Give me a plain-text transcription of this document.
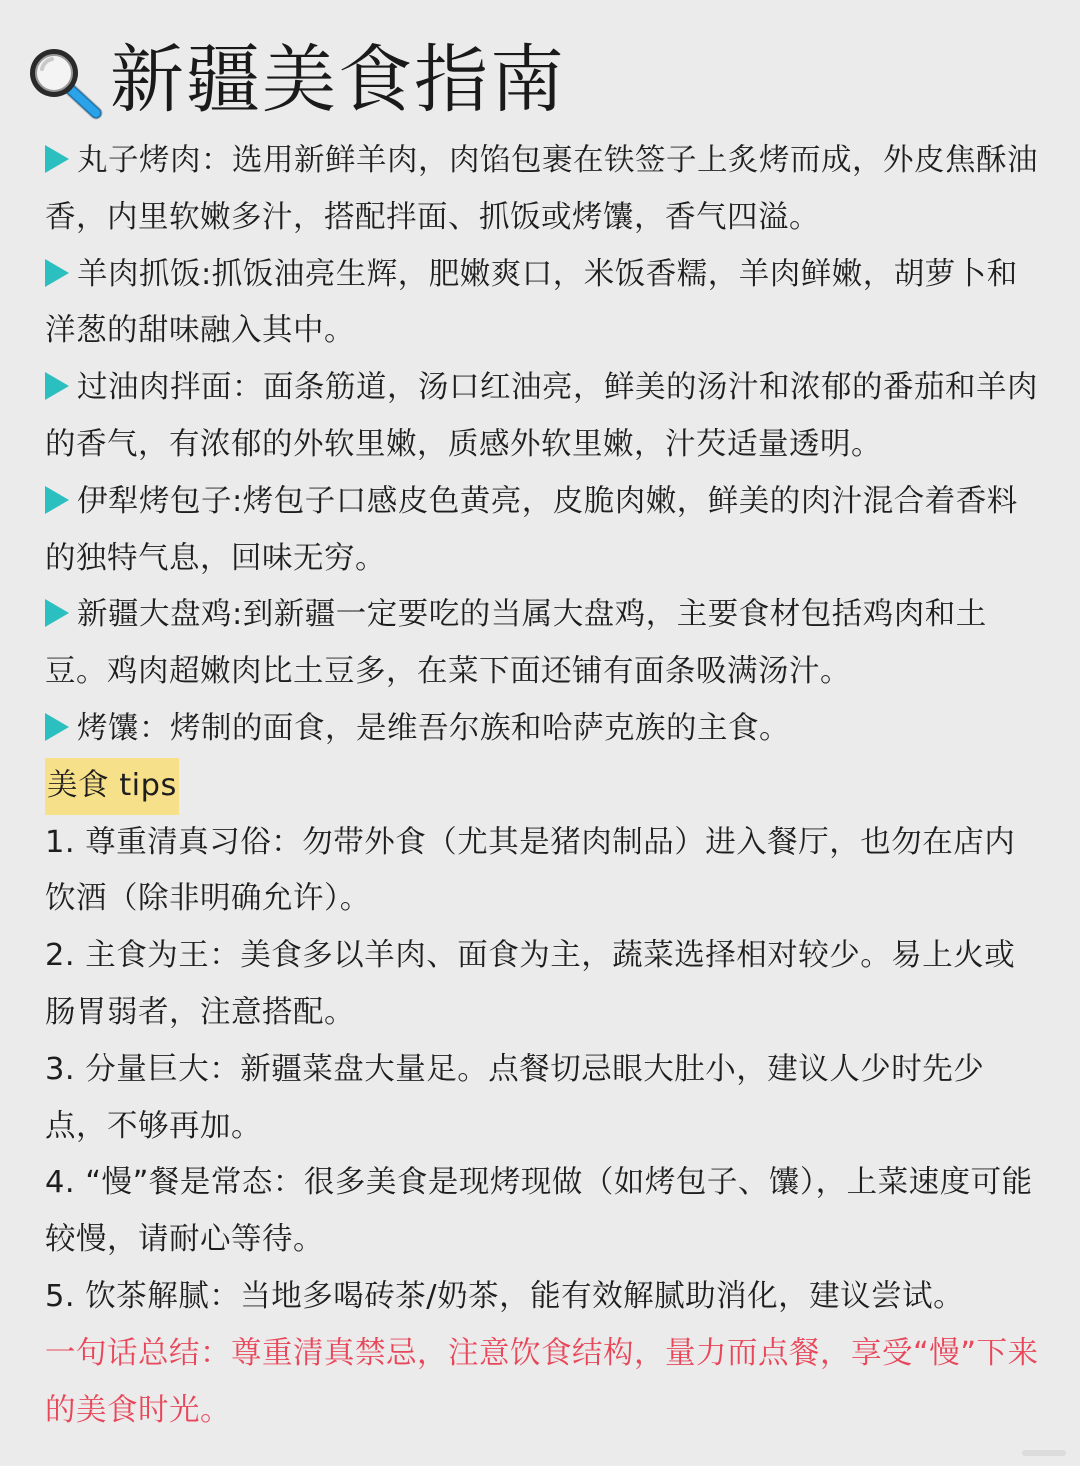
新疆美食指南

丸子烤肉：选用新鲜羊肉，肉馅包裹在铁签子上炙烤而成，外皮焦酥油香，内里软嫩多汁，搭配拌面、抓饭或烤馕，香气四溢。

羊肉抓饭:抓饭油亮生辉，肥嫩爽口，米饭香糯，羊肉鲜嫩，胡萝卜和洋葱的甜味融入其中。

过油肉拌面：面条筋道，汤口红油亮，鲜美的汤汁和浓郁的番茄和羊肉的香气，有浓郁的外软里嫩，质感外软里嫩，汁芡适量透明。

伊犁烤包子:烤包子口感皮色黄亮，皮脆肉嫩，鲜美的肉汁混合着香料的独特气息，回味无穷。

新疆大盘鸡:到新疆一定要吃的当属大盘鸡，主要食材包括鸡肉和土豆。鸡肉超嫩肉比土豆多，在菜下面还铺有面条吸满汤汁。

烤馕：烤制的面食，是维吾尔族和哈萨克族的主食。

美食 tips

1. 尊重清真习俗：勿带外食（尤其是猪肉制品）进入餐厅，也勿在店内饮酒（除非明确允许）。

2. 主食为王：美食多以羊肉、面食为主，蔬菜选择相对较少。易上火或肠胃弱者，注意搭配。

3. 分量巨大：新疆菜盘大量足。点餐切忌眼大肚小，建议人少时先少点，不够再加。

4. “慢”餐是常态：很多美食是现烤现做（如烤包子、馕），上菜速度可能较慢，请耐心等待。

5. 饮茶解腻：当地多喝砖茶/奶茶，能有效解腻助消化，建议尝试。

一句话总结：尊重清真禁忌，注意饮食结构，量力而点餐，享受“慢”下来的美食时光。
